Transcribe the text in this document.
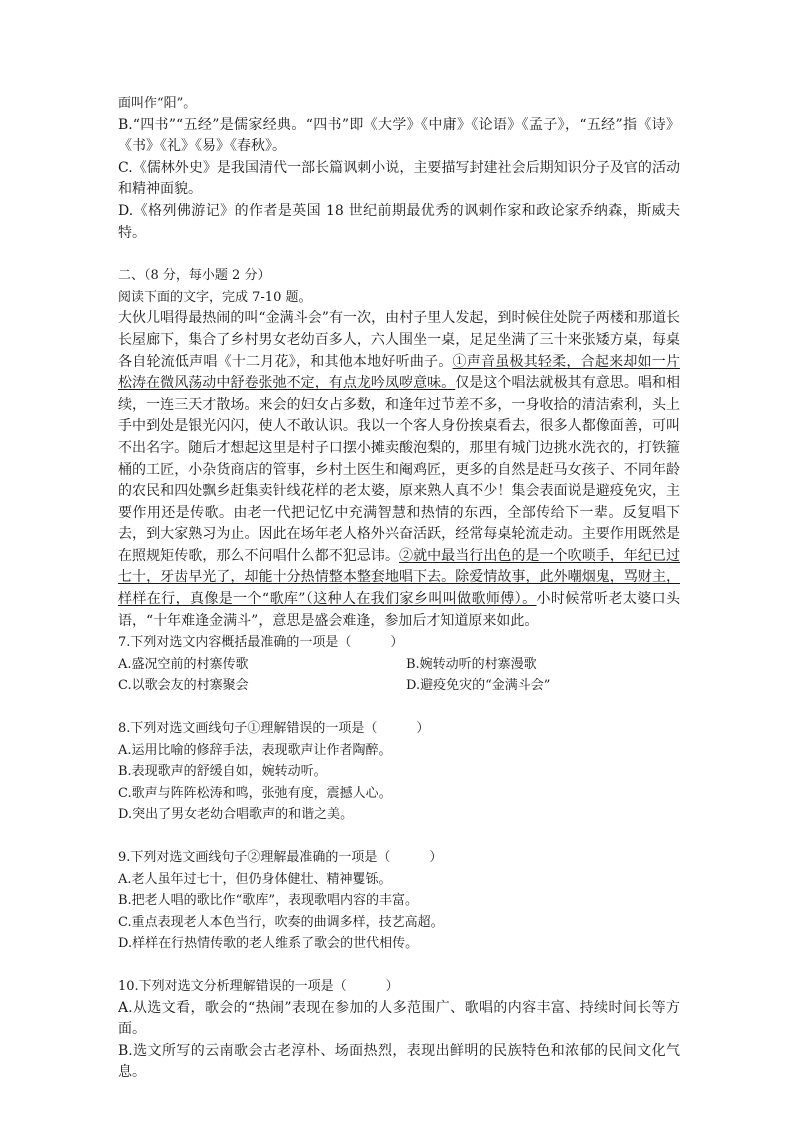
面叫作“阳”。
B.“四书”“五经”是儒家经典。“四书”即《大学》《中庸》《论语》《孟子》，“五经”指《诗》《书》《礼》《易》《春秋》。
C.《儒林外史》是我国清代一部长篇讽刺小说，主要描写封建社会后期知识分子及官的活动和精神面貌。
D.《格列佛游记》的作者是英国 18 世纪前期最优秀的讽刺作家和政论家乔纳森，斯威夫特。
二、（8 分，每小题 2 分）
阅读下面的文字，完成 7-10 题。
大伙儿唱得最热闹的叫“金满斗会”有一次，由村子里人发起，到时候住处院子两楼和那道长长屋廊下，集合了乡村男女老幼百多人，六人围坐一桌，足足坐满了三十来张矮方桌，每桌各自轮流低声唱《十二月花》，和其他本地好听曲子。①声音虽极其轻柔，合起来却如一片松涛在微风荡动中舒卷张弛不定，有点龙吟凤哕意味。仅是这个唱法就极其有意思。唱和相续，一连三天才散场。来会的妇女占多数，和逢年过节差不多，一身收拾的清洁索利，头上手中到处是银光闪闪，使人不敢认识。我以一个客人身份挨桌看去，很多人都像面善，可叫不出名字。随后才想起这里是村子口摆小摊卖酸泡梨的，那里有城门边挑水洗衣的，打铁箍桶的工匠，小杂货商店的管事，乡村土医生和阉鸡匠，更多的自然是赶马女孩子、不同年龄的农民和四处飘乡赶集卖针线花样的老太婆，原来熟人真不少！集会表面说是避疫免灾，主要作用还是传歌。由老一代把记忆中充满智慧和热情的东西，全部传给下一辈。反复唱下去，到大家熟习为止。因此在场年老人格外兴奋活跃，经常每桌轮流走动。主要作用既然是在照规矩传歌，那么不问唱什么都不犯忌讳。②就中最当行出色的是一个吹唢手，年纪已过七十，牙齿早光了，却能十分热情整本整套地唱下去。除爱情故事，此外嘲烟鬼，骂财主，样样在行，真像是一个“歌库”（这种人在我们家乡叫叫做歌师傅）。小时候常听老太婆口头语，“十年难逢金满斗”，意思是盛会难逢，参加后才知道原来如此。
7.下列对选文内容概括最准确的一项是（　　　）
A.盛况空前的村寨传歌	B.婉转动听的村寨漫歌
C.以歌会友的村寨聚会	D.避疫免灾的“金满斗会”
8.下列对选文画线句子①理解错误的一项是（　　　）
A.运用比喻的修辞手法，表现歌声让作者陶醉。
B.表现歌声的舒缓自如，婉转动听。
C.歌声与阵阵松涛和鸣，张弛有度，震撼人心。
D.突出了男女老幼合唱歌声的和谐之美。
9.下列对选文画线句子②理解最准确的一项是（　　　）
A.老人虽年过七十，但仍身体健壮、精神矍铄。
B.把老人唱的歌比作“歌库”，表现歌唱内容的丰富。
C.重点表现老人本色当行，吹奏的曲调多样，技艺高超。
D.样样在行热情传歌的老人维系了歌会的世代相传。
10.下列对选文分析理解错误的一项是（　　　）
A.从选文看，歌会的“热闹”表现在参加的人多范围广、歌唱的内容丰富、持续时间长等方面。
B.选文所写的云南歌会古老淳朴、场面热烈，表现出鲜明的民族特色和浓郁的民间文化气息。
